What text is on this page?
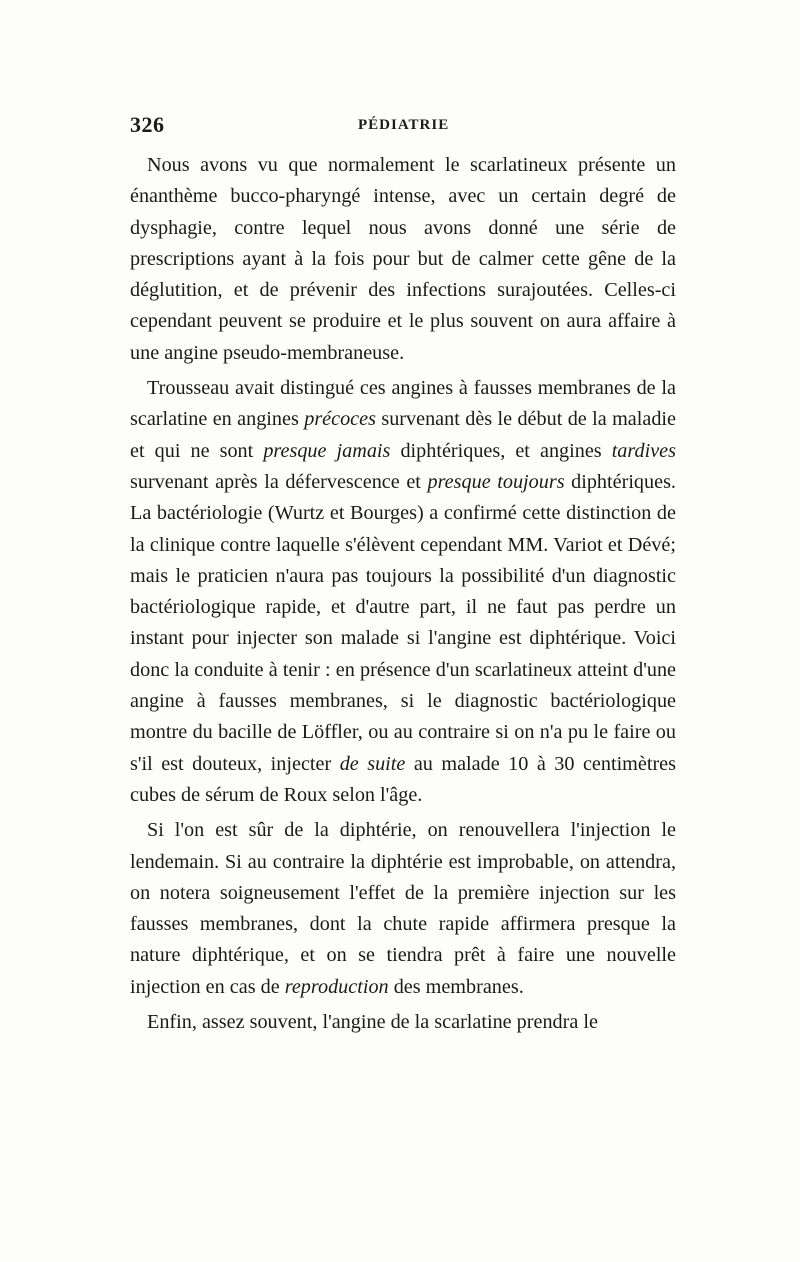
326	PÉDIATRIE

Nous avons vu que normalement le scarlatineux présente un énanthème bucco-pharyngé intense, avec un certain degré de dysphagie, contre lequel nous avons donné une série de prescriptions ayant à la fois pour but de calmer cette gêne de la déglutition, et de prévenir des infections surajoutées. Celles-ci cependant peuvent se produire et le plus souvent on aura affaire à une angine pseudo-membraneuse.

Trousseau avait distingué ces angines à fausses membranes de la scarlatine en angines précoces survenant dès le début de la maladie et qui ne sont presque jamais diphtériques, et angines tardives survenant après la défervescence et presque toujours diphtériques. La bactériologie (Wurtz et Bourges) a confirmé cette distinction de la clinique contre laquelle s'élèvent cependant MM. Variot et Dévé; mais le praticien n'aura pas toujours la possibilité d'un diagnostic bactériologique rapide, et d'autre part, il ne faut pas perdre un instant pour injecter son malade si l'angine est diphtérique. Voici donc la conduite à tenir : en présence d'un scarlatineux atteint d'une angine à fausses membranes, si le diagnostic bactériologique montre du bacille de Löffler, ou au contraire si on n'a pu le faire ou s'il est douteux, injecter de suite au malade 10 à 30 centimètres cubes de sérum de Roux selon l'âge.

Si l'on est sûr de la diphtérie, on renouvellera l'injection le lendemain. Si au contraire la diphtérie est improbable, on attendra, on notera soigneusement l'effet de la première injection sur les fausses membranes, dont la chute rapide affirmera presque la nature diphtérique, et on se tiendra prêt à faire une nouvelle injection en cas de reproduction des membranes.

Enfin, assez souvent, l'angine de la scarlatine prendra le
